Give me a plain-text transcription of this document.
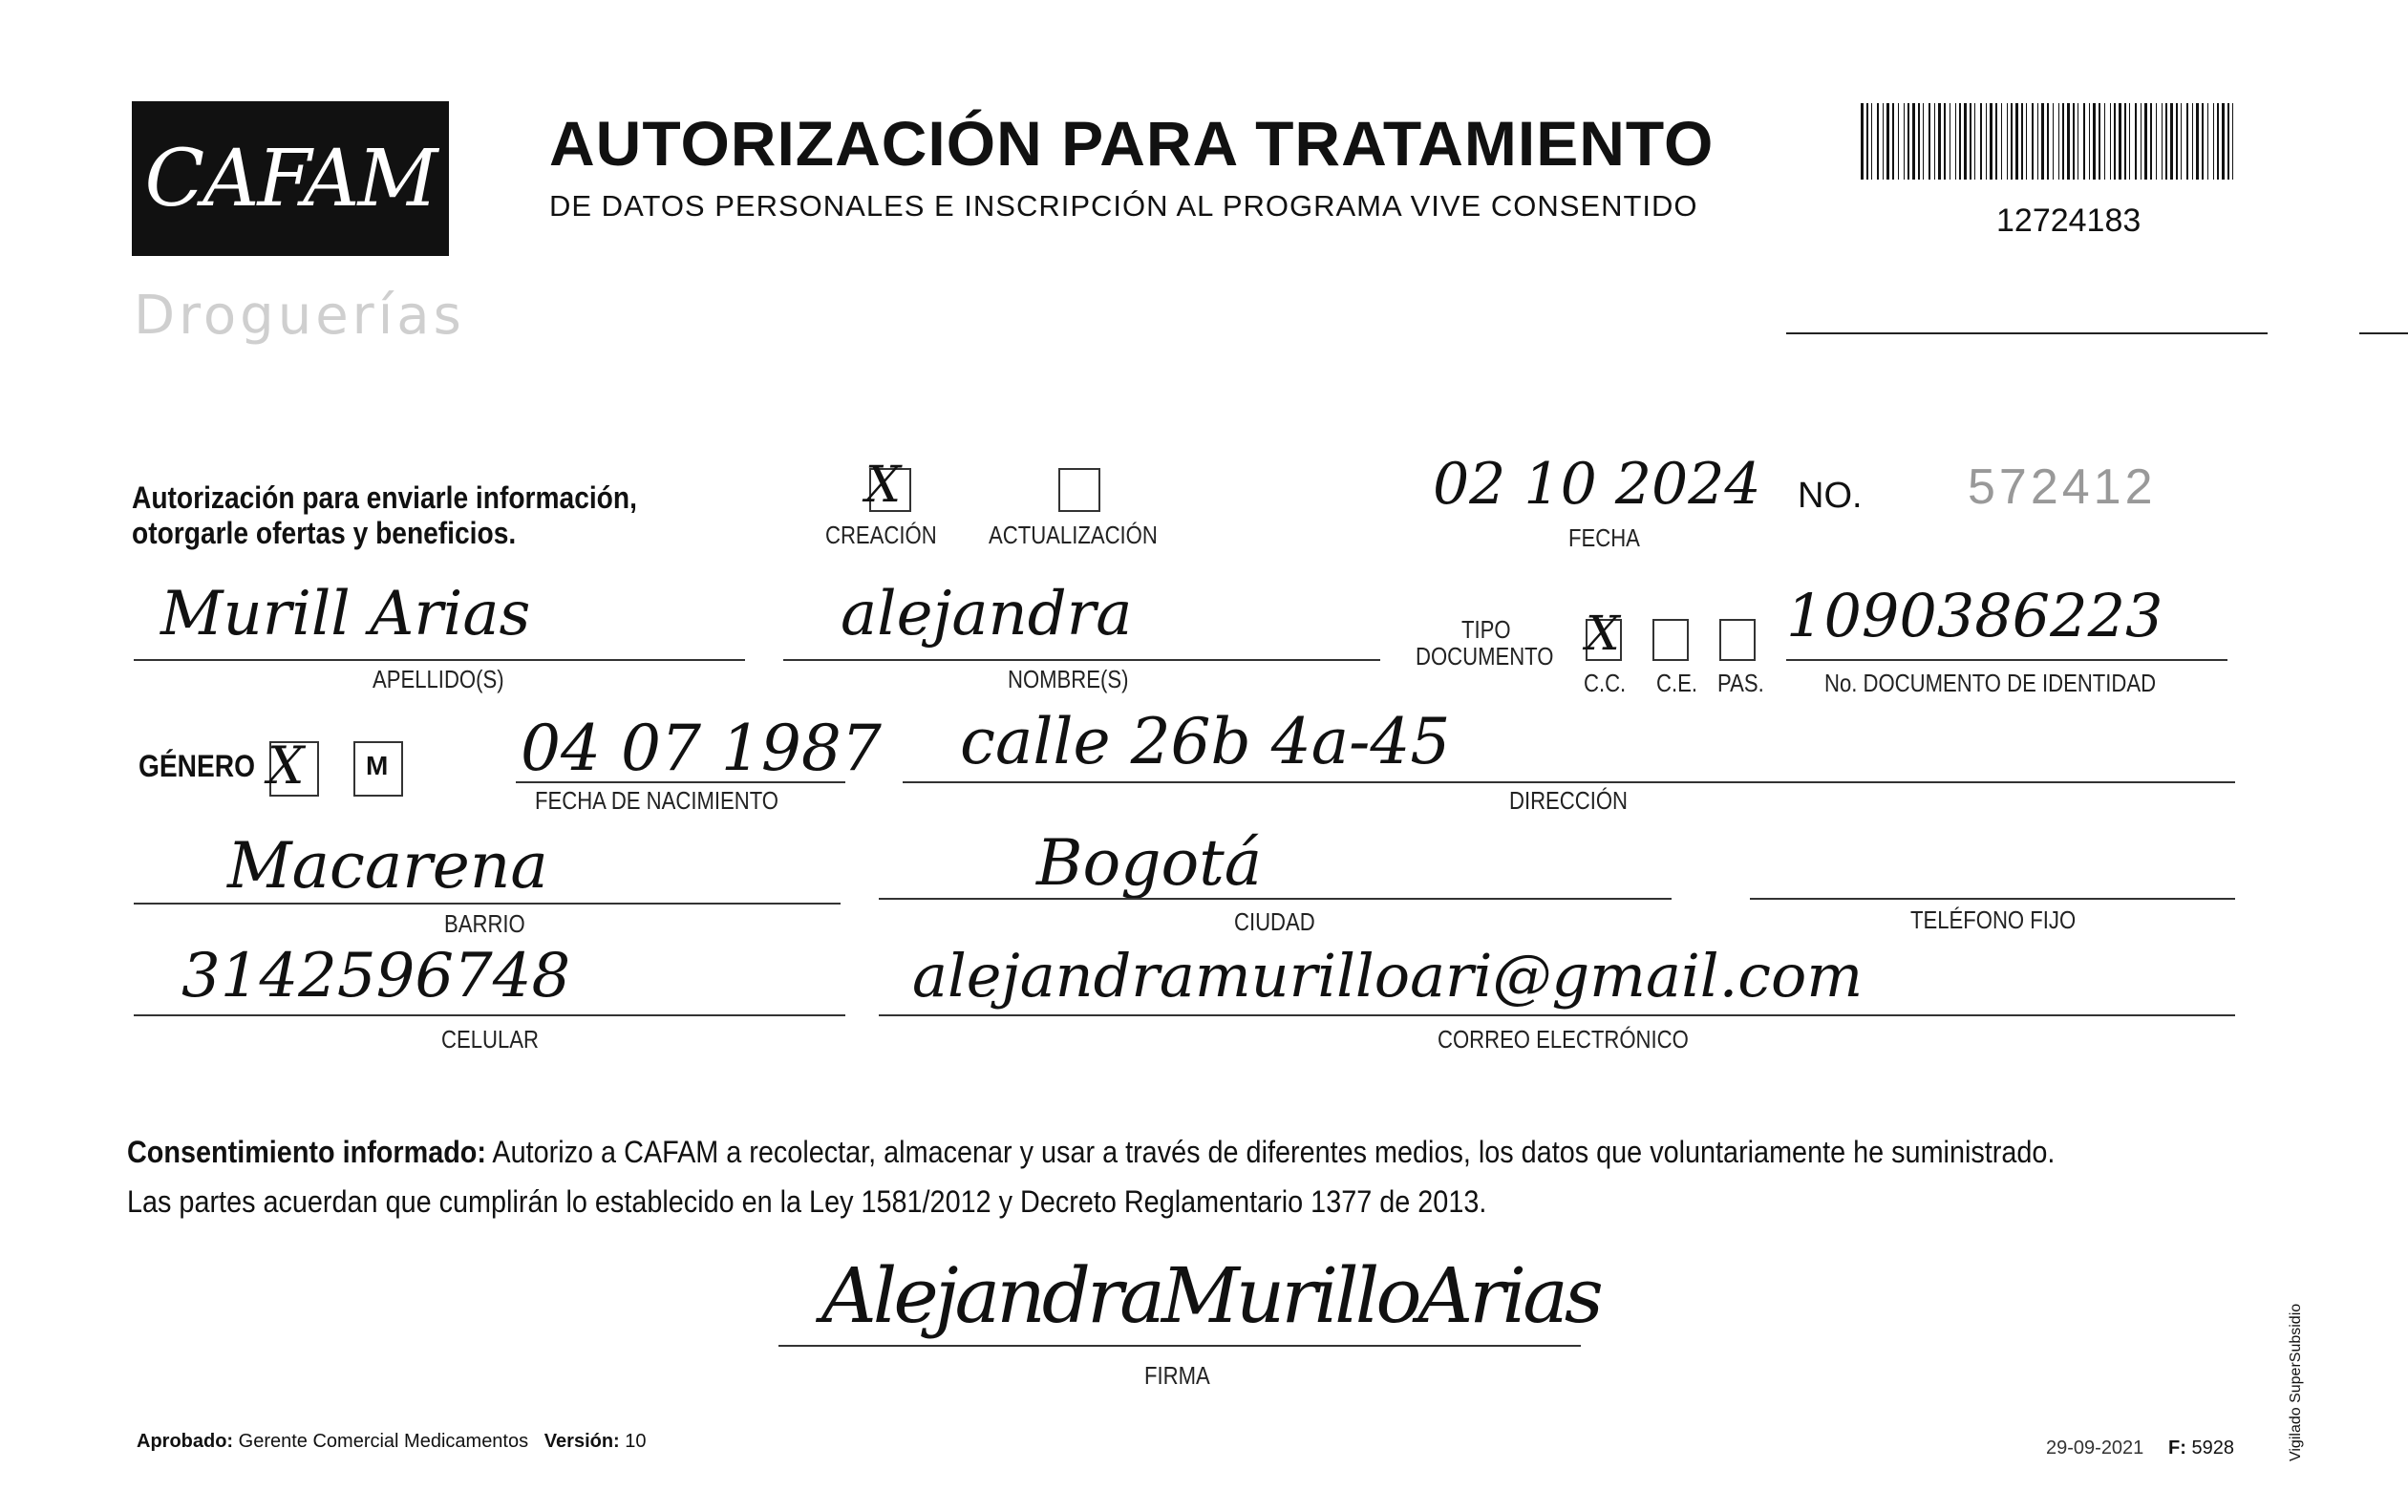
CAFAM
Droguerías
AUTORIZACIÓN PARA TRATAMIENTO
DE DATOS PERSONALES E INSCRIPCIÓN AL PROGRAMA VIVE CONSENTIDO	12724183
Autorización para enviarle información,
otorgarle ofertas y beneficios.
X
CREACIÓN ACTUALIZACIÓN
02 10 2024
FECHA
NO. 572412
Murill Arias
APELLIDO(S)
alejandra
NOMBRE(S)
TIPO
DOCUMENTO X
C.C. C.E. PAS.
1090386223
No. DOCUMENTO DE IDENTIDAD
GÉNERO X M 04 07 1987
FECHA DE NACIMIENTO
calle 26b 4a-45
DIRECCIÓN
Macarena
BARRIO
Bogotá
CIUDAD	TELÉFONO FIJO
3142596748
CELULAR
alejandramurilloari@gmail.com
CORREO ELECTRÓNICO
Consentimiento informado: Autorizo a CAFAM a recolectar, almacenar y usar a través de diferentes medios, los datos que voluntariamente he suministrado.
Las partes acuerdan que cumplirán lo establecido en la Ley 1581/2012 y Decreto Reglamentario 1377 de 2013.
AlejandraMurilloArias
FIRMA
Aprobado: Gerente Comercial Medicamentos Versión: 10	29-09-2021 F: 5928	Vigilado SuperSubsidio
